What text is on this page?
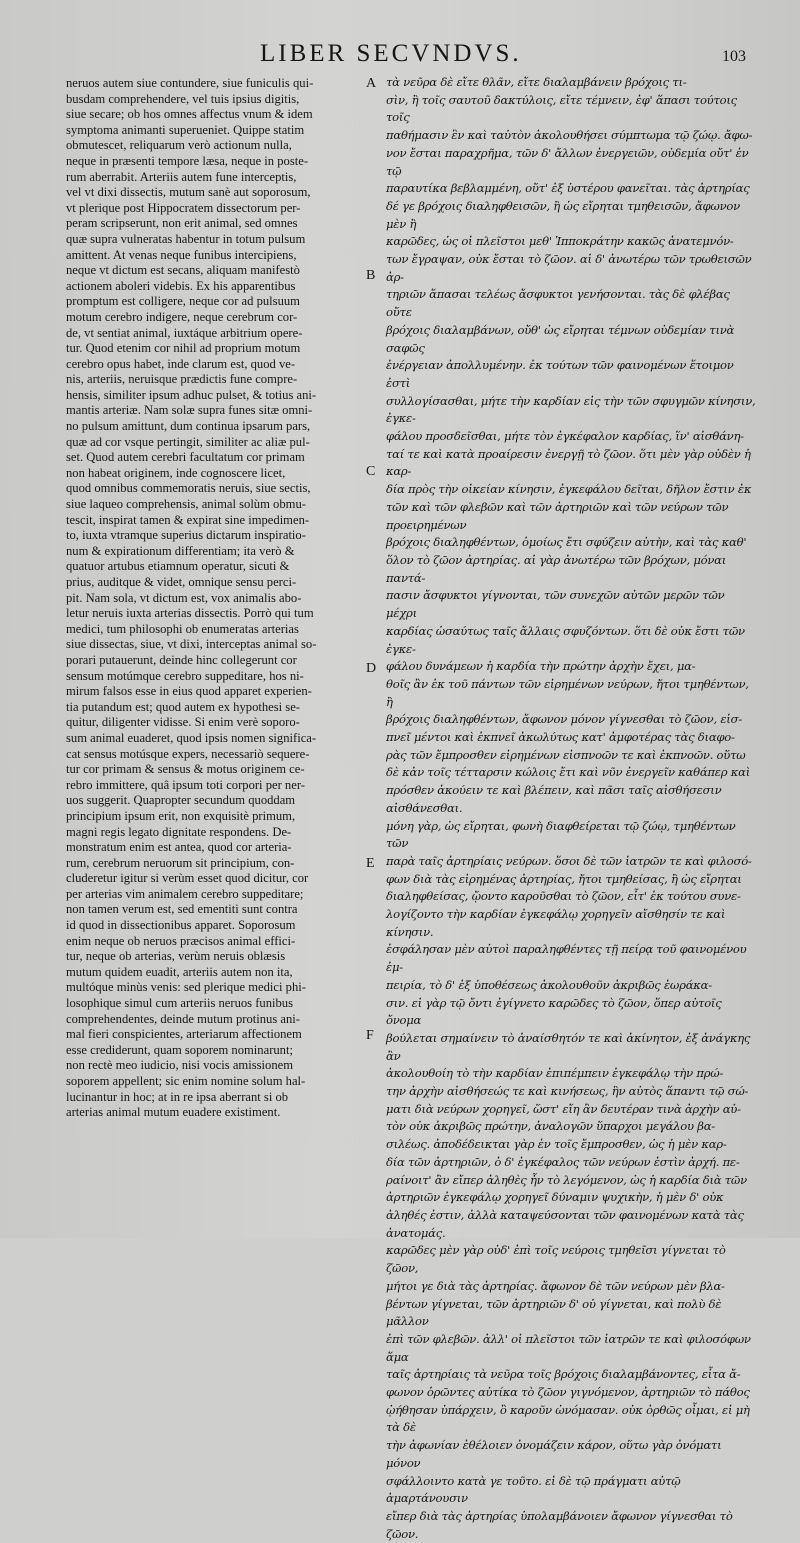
LIBER SECVNDVS.	103

neruos autem siue contundere, siue funiculis qui-
busdam comprehendere, vel tuis ipsius digitis,
siue secare; ob hos omnes affectus vnum & idem
symptoma animanti superueniet. Quippe statim
obmutescet, reliquarum verò actionum nulla,
neque in præsenti tempore læsa, neque in poste-
rum aberrabit. Arteriis autem fune interceptis,
vel vt dixi dissectis, mutum sanè aut soporosum,
vt plerique post Hippocratem dissectorum per-
peram scripserunt, non erit animal, sed omnes
quæ supra vulneratas habentur in totum pulsum
amittent. At venas neque funibus intercipiens,
neque vt dictum est secans, aliquam manifestò
actionem aboleri videbis. Ex his apparentibus
promptum est colligere, neque cor ad pulsuum
motum cerebro indigere, neque cerebrum cor-
de, vt sentiat animal, iuxtáque arbitrium opere-
tur. Quod etenim cor nihil ad proprium motum
cerebro opus habet, inde clarum est, quod ve-
nis, arteriis, neruisque prædictis fune compre-
hensis, similiter ipsum adhuc pulset, & totius ani-
mantis arteriæ. Nam solæ supra funes sitæ omni-
no pulsum amittunt, dum continua ipsarum pars,
quæ ad cor vsque pertingit, similiter ac aliæ pul-
set. Quod autem cerebri facultatum cor primam
non habeat originem, inde cognoscere licet,
quod omnibus commemoratis neruis, siue sectis,
siue laqueo comprehensis, animal solùm obmu-
tescit, inspirat tamen & expirat sine impedimen-
to, iuxta vtramque superius dictarum inspiratio-
num & expirationum differentiam; ita verò &
quatuor artubus etiamnum operatur, sicuti &
prius, auditque & videt, omnique sensu perci-
pit. Nam sola, vt dictum est, vox animalis abo-
letur neruis iuxta arterias dissectis. Porrò qui tum
medici, tum philosophi ob enumeratas arterias
siue dissectas, siue, vt dixi, interceptas animal so-
porari putauerunt, deinde hinc collegerunt cor
sensum motúmque cerebro suppeditare, hos ni-
mirum falsos esse in eius quod apparet experien-
tia putandum est; quod autem ex hypothesi se-
quitur, diligenter vidisse. Si enim verè soporo-
sum animal euaderet, quod ipsis nomen significa-
cat sensus motúsque expers, necessariò sequere-
tur cor primam & sensus & motus originem ce-
rebro immittere, quâ ipsum toti corpori per ner-
uos suggerit. Quapropter secundum quoddam
principium ipsum erit, non exquisitè primum,
magni regis legato dignitate respondens. De-
monstratum enim est antea, quod cor arteria-
rum, cerebrum neruorum sit principium, con-
cluderetur igitur si verùm esset quod dicitur, cor
per arterias vim animalem cerebro suppeditare;
non tamen verum est, sed ementiti sunt contra
id quod in dissectionibus apparet. Soporosum
enim neque ob neruos præcisos animal effici-
tur, neque ob arterias, verùm neruis oblæsis
mutum quidem euadit, arteriis autem non ita,
multóque minùs venis: sed plerique medici phi-
losophique simul cum arteriis neruos funibus
comprehendentes, deinde mutum protinus ani-
mal fieri conspicientes, arteriarum affectionem
esse crediderunt, quam soporem nominarunt;
non rectè meo iudicio, nisi vocis amissionem
soporem appellent; sic enim nomine solum hal-
lucinantur in hoc; at in re ipsa aberrant si ob
arterias animal mutum euadere existiment.

A
B
C
D
E
F

τὰ νεῦρα δὲ εἴτε θλᾶν, εἴτε διαλαμβάνειν βρόχοις τι-
σὶν, ἢ τοῖς σαυτοῦ δακτύλοις, εἴτε τέμνειν, ἐφ' ἅπασι τούτοις τοῖς
παθήμασιν ἓν καὶ ταὐτὸν ἀκολουθήσει σύμπτωμα τῷ ζώῳ. ἄφω-
νον ἔσται παραχρῆμα, τῶν δ' ἄλλων ἐνεργειῶν, οὐδεμία οὔτ' ἐν τῷ
παραυτίκα βεβλαμμένη, οὔτ' ἐξ ὑστέρου φανεῖται. τὰς ἀρτηρίας
δέ γε βρόχοις διαληφθεισῶν, ἢ ὡς εἴρηται τμηθεισῶν, ἄφωνον μὲν ἢ
καρῶδες, ὡς οἱ πλεῖστοι μεθ' Ἱπποκράτην κακῶς ἀνατεμνόν-
των ἔγραψαν, οὐκ ἔσται τὸ ζῶον. αἱ δ' ἀνωτέρω τῶν τρωθεισῶν ἀρ-
τηριῶν ἅπασαι τελέως ἄσφυκτοι γενήσονται. τὰς δὲ φλέβας οὔτε
βρόχοις διαλαμβάνων, οὔθ' ὡς εἴρηται τέμνων οὐδεμίαν τινὰ σαφῶς
ἐνέργειαν ἀπολλυμένην. ἐκ τούτων τῶν φαινομένων ἕτοιμον ἐστὶ
συλλογίσασθαι, μήτε τὴν καρδίαν εἰς τὴν τῶν σφυγμῶν κίνησιν, ἐγκε-
φάλου προσδεῖσθαι, μήτε τὸν ἐγκέφαλον καρδίας, ἵν' αἰσθάνη-
ταί τε καὶ κατὰ προαίρεσιν ἐνεργῇ τὸ ζῶον. ὅτι μὲν γὰρ οὐδὲν ἡ καρ-
δία πρὸς τὴν οἰκείαν κίνησιν, ἐγκεφάλου δεῖται, δῆλον ἔστιν ἐκ
τῶν καὶ τῶν φλεβῶν καὶ τῶν ἀρτηριῶν καὶ τῶν νεύρων τῶν προειρημένων
βρόχοις διαληφθέντων, ὁμοίως ἔτι σφύζειν αὐτὴν, καὶ τὰς καθ'
ὅλον τὸ ζῶον ἀρτηρίας. αἱ γὰρ ἀνωτέρω τῶν βρόχων, μόναι παντά-
πασιν ἄσφυκτοι γίγνονται, τῶν συνεχῶν αὐτῶν μερῶν τῶν μέχρι
καρδίας ὡσαύτως ταῖς ἄλλαις σφυζόντων. ὅτι δὲ οὐκ ἔστι τῶν ἐγκε-
φάλου δυνάμεων ἡ καρδία τὴν πρώτην ἀρχὴν ἔχει, μα-
θοῖς ἂν ἐκ τοῦ πάντων τῶν εἰρημένων νεύρων, ἤτοι τμηθέντων, ἢ
βρόχοις διαληφθέντων, ἄφωνον μόνον γίγνεσθαι τὸ ζῶον, εἰσ-
πνεῖ μέντοι καὶ ἐκπνεῖ ἀκωλύτως κατ' ἀμφοτέρας τὰς διαφο-
ρὰς τῶν ἔμπροσθεν εἰρημένων εἰσπνοῶν τε καὶ ἐκπνοῶν. οὕτω
δὲ κἀν τοῖς τέτταρσιν κώλοις ἔτι καὶ νῦν ἐνεργεῖν καθάπερ καὶ
πρόσθεν ἀκούειν τε καὶ βλέπειν, καὶ πᾶσι ταῖς αἰσθήσεσιν αἰσθάνεσθαι.
μόνη γὰρ, ὡς εἴρηται, φωνὴ διαφθείρεται τῷ ζώῳ, τμηθέντων τῶν
παρὰ ταῖς ἀρτηρίαις νεύρων. ὅσοι δὲ τῶν ἰατρῶν τε καὶ φιλοσό-
φων διὰ τὰς εἰρημένας ἀρτηρίας, ἤτοι τμηθείσας, ἢ ὡς εἴρηται
διαληφθείσας, ᾤοντο καροῦσθαι τὸ ζῶον, εἶτ' ἐκ τούτου συνε-
λογίζοντο τὴν καρδίαν ἐγκεφάλῳ χορηγεῖν αἴσθησίν τε καὶ κίνησιν.
ἐσφάλησαν μὲν αὐτοὶ παραληφθέντες τῇ πείρᾳ τοῦ φαινομένου ἐμ-
πειρία, τὸ δ' ἐξ ὑποθέσεως ἀκολουθοῦν ἀκριβῶς ἑωράκα-
σιν. εἰ γὰρ τῷ ὄντι ἐγίγνετο καρῶδες τὸ ζῶον, ὅπερ αὐτοῖς ὄνομα
βούλεται σημαίνειν τὸ ἀναίσθητόν τε καὶ ἀκίνητον, ἐξ ἀνάγκης ἂν
ἀκολουθοίη τὸ τὴν καρδίαν ἐπιπέμπειν ἐγκεφάλῳ τὴν πρώ-
την ἀρχὴν αἰσθήσεώς τε καὶ κινήσεως, ἣν αὐτὸς ἅπαντι τῷ σώ-
ματι διὰ νεύρων χορηγεῖ, ὥστ' εἴη ἂν δευτέραν τινὰ ἀρχὴν αὐ-
τὸν οὐκ ἀκριβῶς πρώτην, ἀναλογῶν ὕπαρχοι μεγάλου βα-
σιλέως. ἀποδέδεικται γὰρ ἐν τοῖς ἔμπροσθεν, ὡς ἡ μὲν καρ-
δία τῶν ἀρτηριῶν, ὁ δ' ἐγκέφαλος τῶν νεύρων ἐστὶν ἀρχή. πε-
ραίνοιτ' ἂν εἴπερ ἀληθὲς ἦν τὸ λεγόμενον, ὡς ἡ καρδία διὰ τῶν
ἀρτηριῶν ἐγκεφάλῳ χορηγεῖ δύναμιν ψυχικὴν, ἡ μὲν δ' οὐκ
ἀληθές ἐστιν, ἀλλὰ καταψεύσονται τῶν φαινομένων κατὰ τὰς ἀνατομάς.
καρῶδες μὲν γὰρ οὐδ' ἐπὶ τοῖς νεύροις τμηθεῖσι γίγνεται τὸ ζῶον,
μήτοι γε διὰ τὰς ἀρτηρίας. ἄφωνον δὲ τῶν νεύρων μὲν βλα-
βέντων γίγνεται, τῶν ἀρτηριῶν δ' οὐ γίγνεται, καὶ πολὺ δὲ μᾶλλον
ἐπὶ τῶν φλεβῶν. ἀλλ' οἱ πλεῖστοι τῶν ἰατρῶν τε καὶ φιλοσόφων ἅμα
ταῖς ἀρτηρίαις τὰ νεῦρα τοῖς βρόχοις διαλαμβάνοντες, εἶτα ἄ-
φωνον ὁρῶντες αὐτίκα τὸ ζῶον γιγνόμενον, ἀρτηριῶν τὸ πάθος
ᾠήθησαν ὑπάρχειν, ὃ καροῦν ὠνόμασαν. οὐκ ὀρθῶς οἶμαι, εἰ μὴ τὰ δὲ
τὴν ἀφωνίαν ἐθέλοιεν ὀνομάζειν κάρον, οὕτω γὰρ ὀνόματι μόνον
σφάλλοιντο κατὰ γε τοῦτο. εἰ δὲ τῷ πράγματι αὐτῷ ἁμαρτάνουσιν
εἴπερ διὰ τὰς ἀρτηρίας ὑπολαμβάνοιεν ἄφωνον γίγνεσθαι τὸ
ζῶον.
